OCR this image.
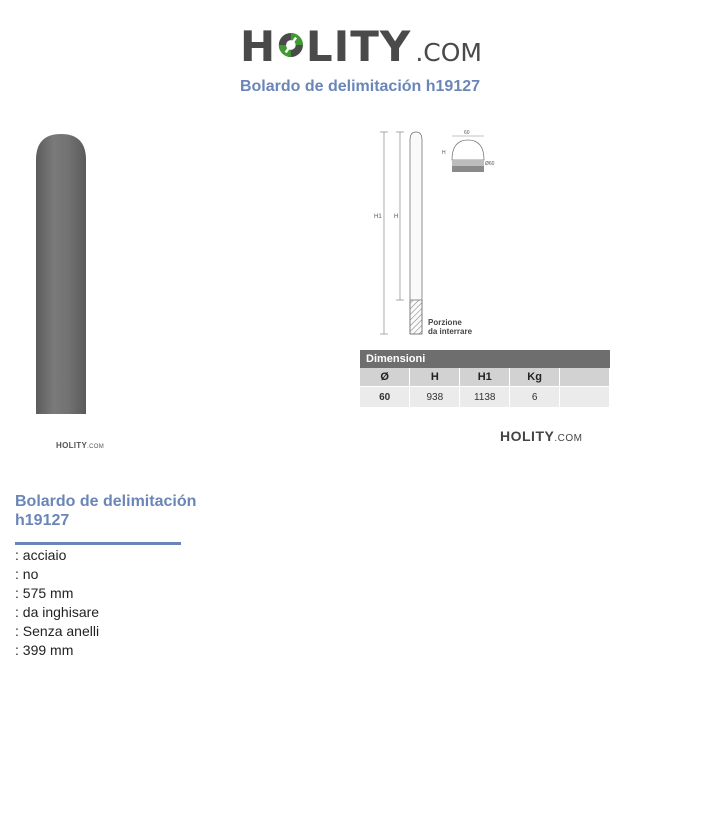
H LITY .COM
Bolardo de delimitación h19127
HOLITY.COM
H1 H
60
H
Ø60
Porzione
da interrare
Dimensioni
Ø	H	H1	Kg	
60	938	1138	6	
HOLITY.COM
Bolardo de delimitación h19127
: acciaio
: no
: 575 mm
: da inghisare
: Senza anelli
: 399 mm
